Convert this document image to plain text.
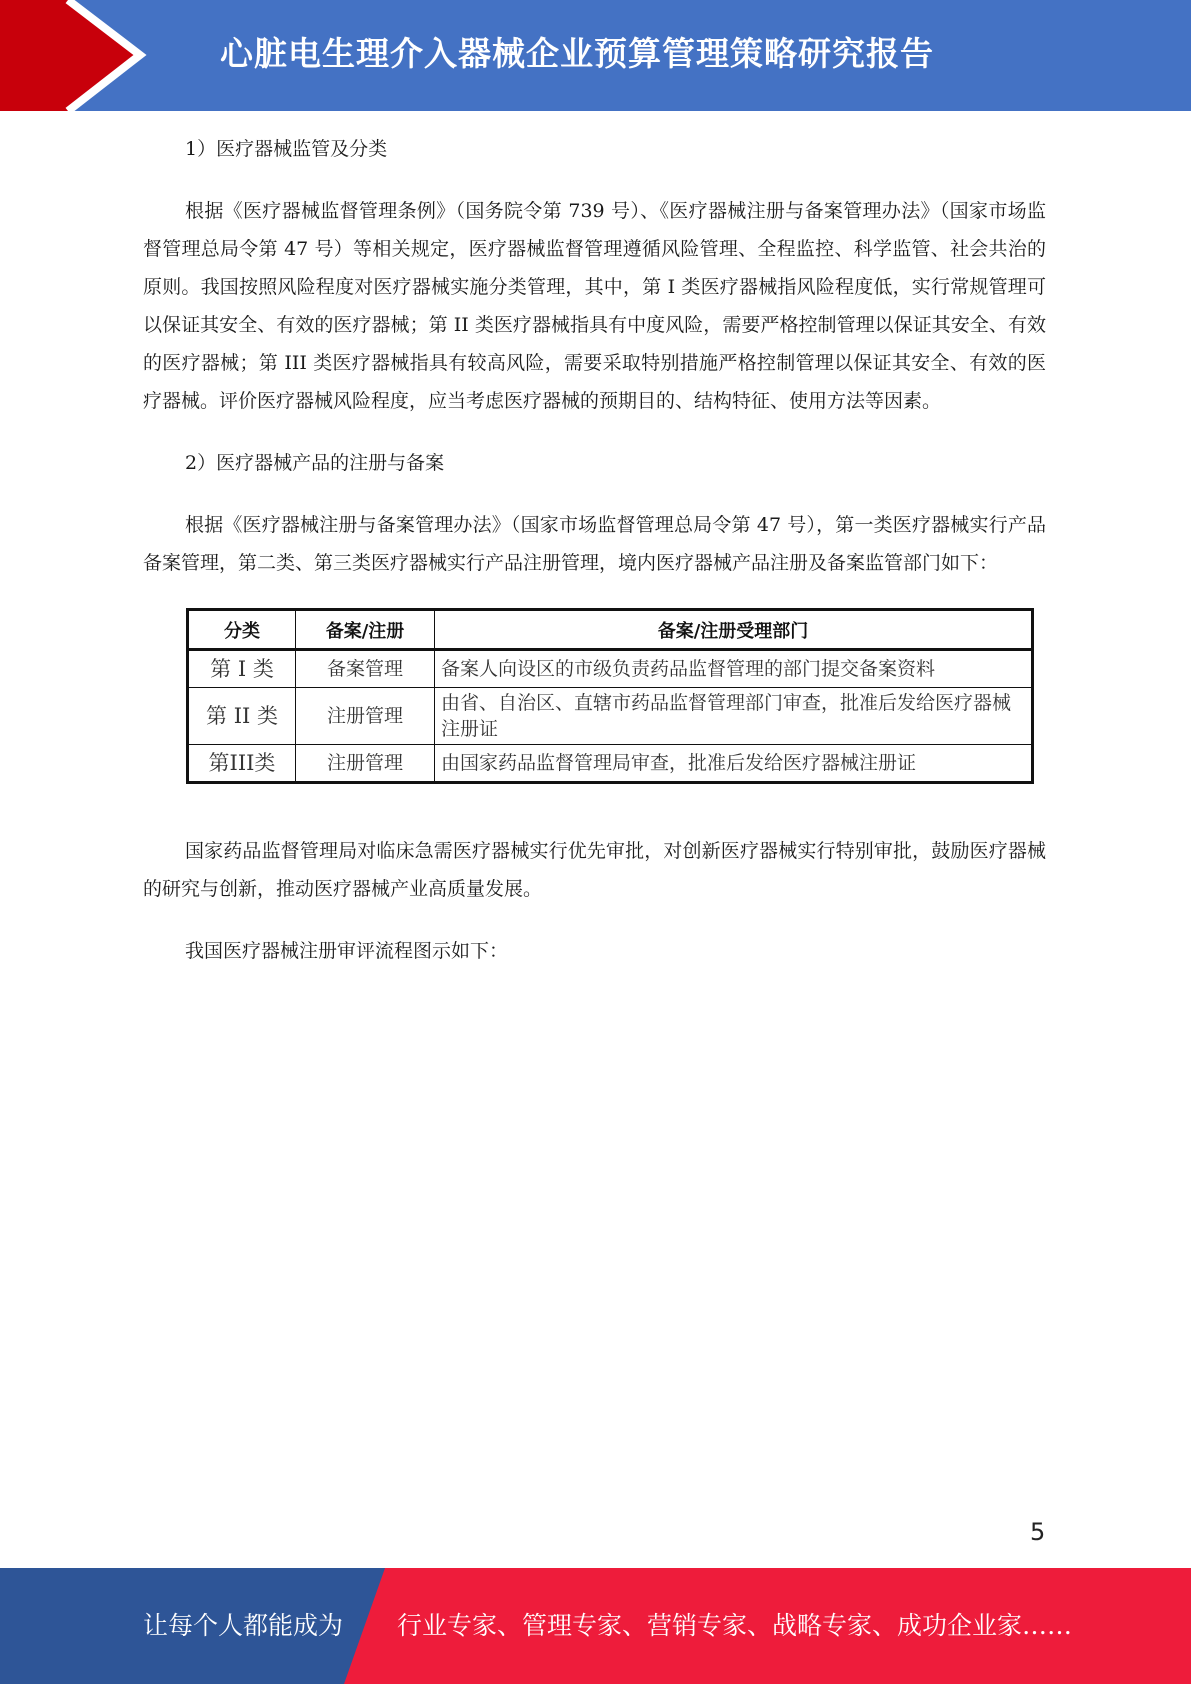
心脏电生理介入器械企业预算管理策略研究报告

1）医疗器械监管及分类

根据《医疗器械监督管理条例》（国务院令第 739 号）、《医疗器械注册与备案管理办法》（国家市场监督管理总局令第 47 号）等相关规定，医疗器械监督管理遵循风险管理、全程监控、科学监管、社会共治的原则。我国按照风险程度对医疗器械实施分类管理，其中，第 I 类医疗器械指风险程度低，实行常规管理可以保证其安全、有效的医疗器械；第 II 类医疗器械指具有中度风险，需要严格控制管理以保证其安全、有效的医疗器械；第 III 类医疗器械指具有较高风险，需要采取特别措施严格控制管理以保证其安全、有效的医疗器械。评价医疗器械风险程度，应当考虑医疗器械的预期目的、结构特征、使用方法等因素。

2）医疗器械产品的注册与备案

根据《医疗器械注册与备案管理办法》（国家市场监督管理总局令第 47 号），第一类医疗器械实行产品备案管理，第二类、第三类医疗器械实行产品注册管理，境内医疗器械产品注册及备案监管部门如下：

分类	备案/注册	备案/注册受理部门
第 I 类	备案管理	备案人向设区的市级负责药品监督管理的部门提交备案资料
第 II 类	注册管理	由省、自治区、直辖市药品监督管理部门审查，批准后发给医疗器械注册证
第III类	注册管理	由国家药品监督管理局审查，批准后发给医疗器械注册证

国家药品监督管理局对临床急需医疗器械实行优先审批，对创新医疗器械实行特别审批，鼓励医疗器械的研究与创新，推动医疗器械产业高质量发展。

我国医疗器械注册审评流程图示如下：

5
让每个人都能成为 行业专家、管理专家、营销专家、战略专家、成功企业家……
